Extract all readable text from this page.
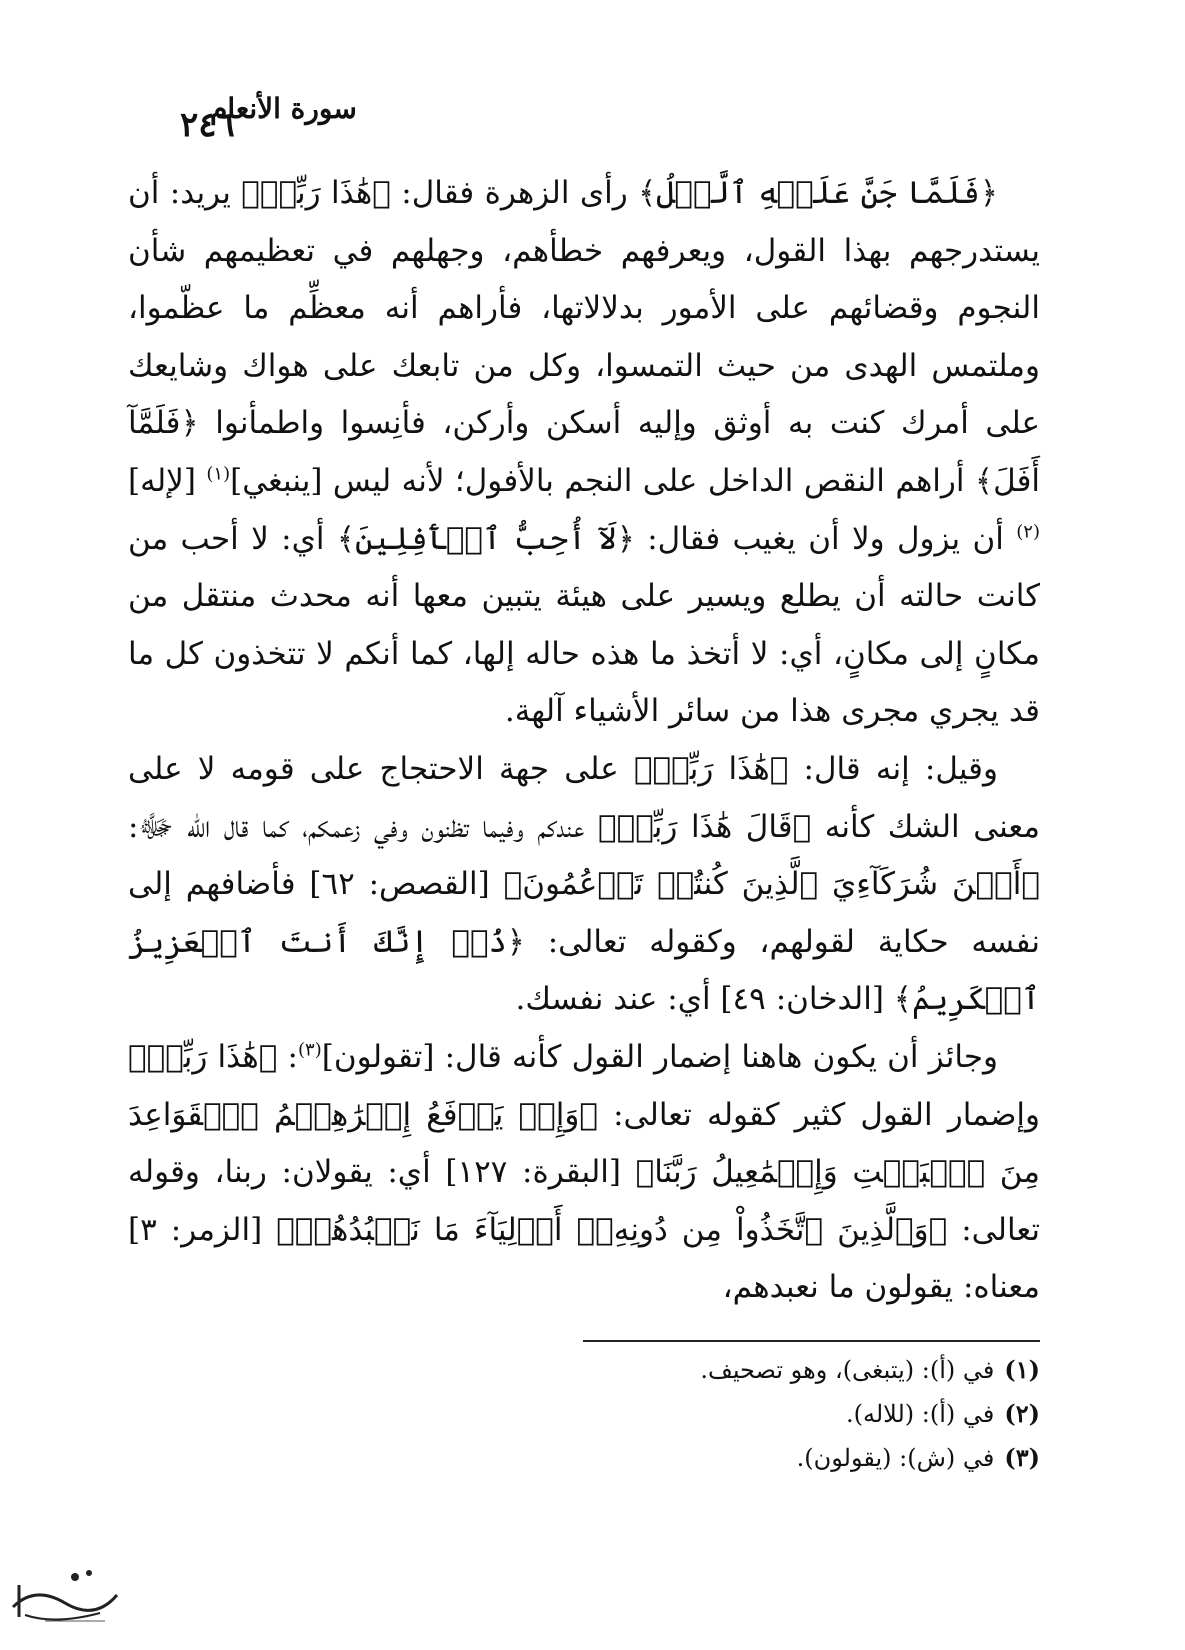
٢٤٦
سورة الأنعام

﴿فَلَمَّا جَنَّ عَلَيۡهِ ٱلَّيۡلُ﴾ رأى الزهرة فقال: ﴿هَٰذَا رَبِّيۖ﴾ يريد: أن يستدرجهم بهذا القول، ويعرفهم خطأهم، وجهلهم في تعظيمهم شأن النجوم وقضائهم على الأمور بدلالاتها، فأراهم أنه معظِّم ما عظّموا، وملتمس الهدى من حيث التمسوا، وكل من تابعك على هواك وشايعك على أمرك كنت به أوثق وإليه أسكن وأركن، فأنِسوا واطمأنوا ﴿فَلَمَّآ أَفَلَ﴾ أراهم النقص الداخل على النجم بالأفول؛ لأنه ليس [ينبغي]$^{(١)}$ [لإله]$^{(٢)}$ أن يزول ولا أن يغيب فقال: ﴿لَآ أُحِبُّ ٱلۡأٓفِلِينَ﴾ أي: لا أحب من كانت حالته أن يطلع ويسير على هيئة يتبين معها أنه محدث منتقل من مكانٍ إلى مكانٍ، أي: لا أتخذ ما هذه حاله إلها، كما أنكم لا تتخذون كل ما قد يجري مجرى هذا من سائر الأشياء آلهة.

وقيل: إنه قال: ﴿هَٰذَا رَبِّيۖ﴾ على جهة الاحتجاج على قومه لا على معنى الشك كأنه ﴿قَالَ هَٰذَا رَبِّيۖ﴾ عندكم وفيما تظنون وفي زعمكم، كما قال الله ﷻ: ﴿أَيۡنَ شُرَكَآءِيَ ٱلَّذِينَ كُنتُمۡ تَزۡعُمُونَ﴾ [القصص: ٦٢] فأضافهم إلى نفسه حكاية لقولهم، وكقوله تعالى: ﴿ذُقۡ إِنَّكَ أَنتَ ٱلۡعَزِيزُ ٱلۡكَرِيمُ﴾ [الدخان: ٤٩] أي: عند نفسك.

وجائز أن يكون هاهنا إضمار القول كأنه قال: [تقولون]$^{(٣)}$: ﴿هَٰذَا رَبِّيۖ﴾ وإضمار القول كثير كقوله تعالى: ﴿وَإِذۡ يَرۡفَعُ إِبۡرَٰهِـۧمُ ٱلۡقَوَاعِدَ مِنَ ٱلۡبَيۡتِ وَإِسۡمَٰعِيلُ رَبَّنَا﴾ [البقرة: ١٢٧] أي: يقولان: ربنا، وقوله تعالى: ﴿وَٱلَّذِينَ ٱتَّخَذُواْ مِن دُونِهِۦٓ أَوۡلِيَآءَ مَا نَعۡبُدُهُمۡ﴾ [الزمر: ٣] معناه: يقولون ما نعبدهم،

(١)في (أ): (يتبغى)، وهو تصحيف.

(٢)في (أ): (للاله).

(٣)في (ش): (يقولون).
